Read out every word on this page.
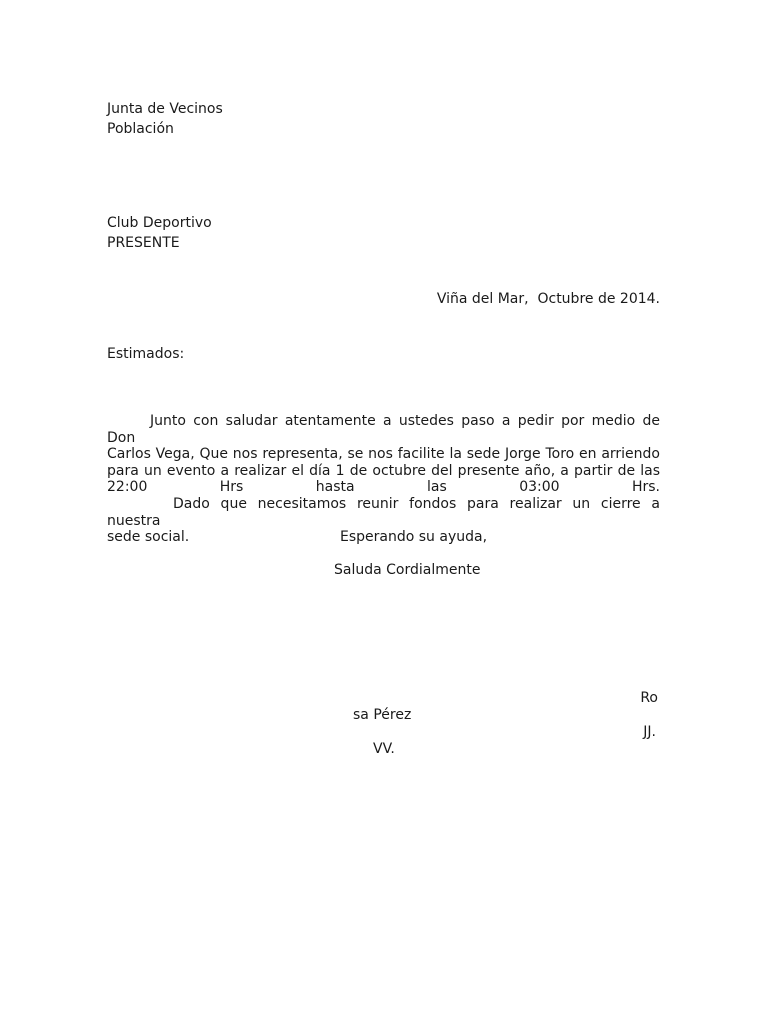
Junta de Vecinos
Población
Club Deportivo
PRESENTE
Viña del Mar,  Octubre de 2014.
Estimados:
Junto con saludar atentamente a ustedes paso a pedir por medio de Don
Carlos Vega, Que nos representa, se nos facilite la sede Jorge Toro en arriendo
para un evento a realizar el día 1 de octubre del presente año, a partir de las
22:00 Hrs hasta las 03:00 Hrs.
Dado que necesitamos reunir fondos para realizar un cierre a nuestra
sede social.	Esperando su ayuda,
Saluda Cordialmente
Ro
sa Pérez
JJ.
VV.
